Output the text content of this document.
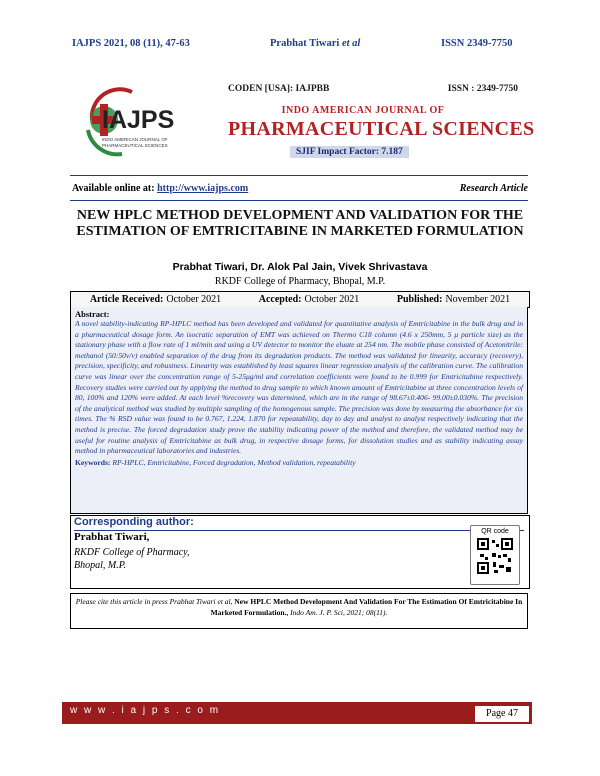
IAJPS 2021, 08 (11), 47-63	Prabhat Tiwari et al	ISSN 2349-7750
IAJPS
INDO AMERICAN JOURNAL OF PHARMACEUTICAL SCIENCES
CODEN [USA]: IAJPBB	ISSN : 2349-7750
INDO AMERICAN JOURNAL OF
PHARMACEUTICAL SCIENCES
SJIF Impact Factor: 7.187
Available online at: http://www.iajps.com	Research Article
NEW HPLC METHOD DEVELOPMENT AND VALIDATION FOR THE ESTIMATION OF EMTRICITABINE IN MARKETED FORMULATION
Prabhat Tiwari, Dr. Alok Pal Jain, Vivek Shrivastava
RKDF College of Pharmacy, Bhopal, M.P.
Article Received: October 2021	Accepted: October 2021	Published: November 2021
Abstract:

A novel stability-indicating RP-HPLC method has been developed and validated for quantitative analysis of Emtricitabine in the bulk drug and in a pharmaceutical dosage form. An isocratic separation of EMT was achieved on Thermo C18 column (4.6 x 250mm, 5 μ particle size) as the stationary phase with a flow rate of 1 ml/min and using a UV detector to monitor the eluate at 254 nm. The mobile phase consisted of Acetonitrile: methanol (50:50v/v) enabled separation of the drug from its degradation products. The method was validated for linearity, accuracy (recovery), precision, specificity, and robustness. Linearity was established by least squares linear regression analysis of the calibration curve. The calibration curve was linear over the concentration range of 5-25μg/ml and correlation coefficients were found to be 0.999 for Emtricitabine respectively. Recovery studies were carried out by applying the method to drug sample to which known amount of Emtricitabine at three concentration levels of 80, 100% and 120% were added. At each level %recovery was determined, which are in the range of 98.67±0.406- 99.00±0.030%. The precision of the analytical method was studied by multiple sampling of the homogenous sample. The precision was done by measuring the absorbance for six times. The % RSD value was found to be 0.767, 1.224, 1.870 for repeatability, day to day and analyst to analyst respectively indicating that the method is precise. The forced degradation study prove the stability indicating power of the method and therefore, the validated method may be useful for routine analysis of Emtricitabine as bulk drug, in respective dosage forms, for dissolution studies and as stability indicating assay method in pharmaceutical laboratories and industries.

Keywords: RP-HPLC, Emtricitabine, Forced degradation, Method validation, repeatability
Corresponding author:
Prabhat Tiwari,
RKDF College of Pharmacy,
Bhopal, M.P.
QR code
Please cite this article in press Prabhat Tiwari et al, New HPLC Method Development And Validation For The Estimation Of Emtricitabine In Marketed Formulation., Indo Am. J. P. Sci, 2021; 08(11).
w w w . i a j p s . c o m	Page 47
